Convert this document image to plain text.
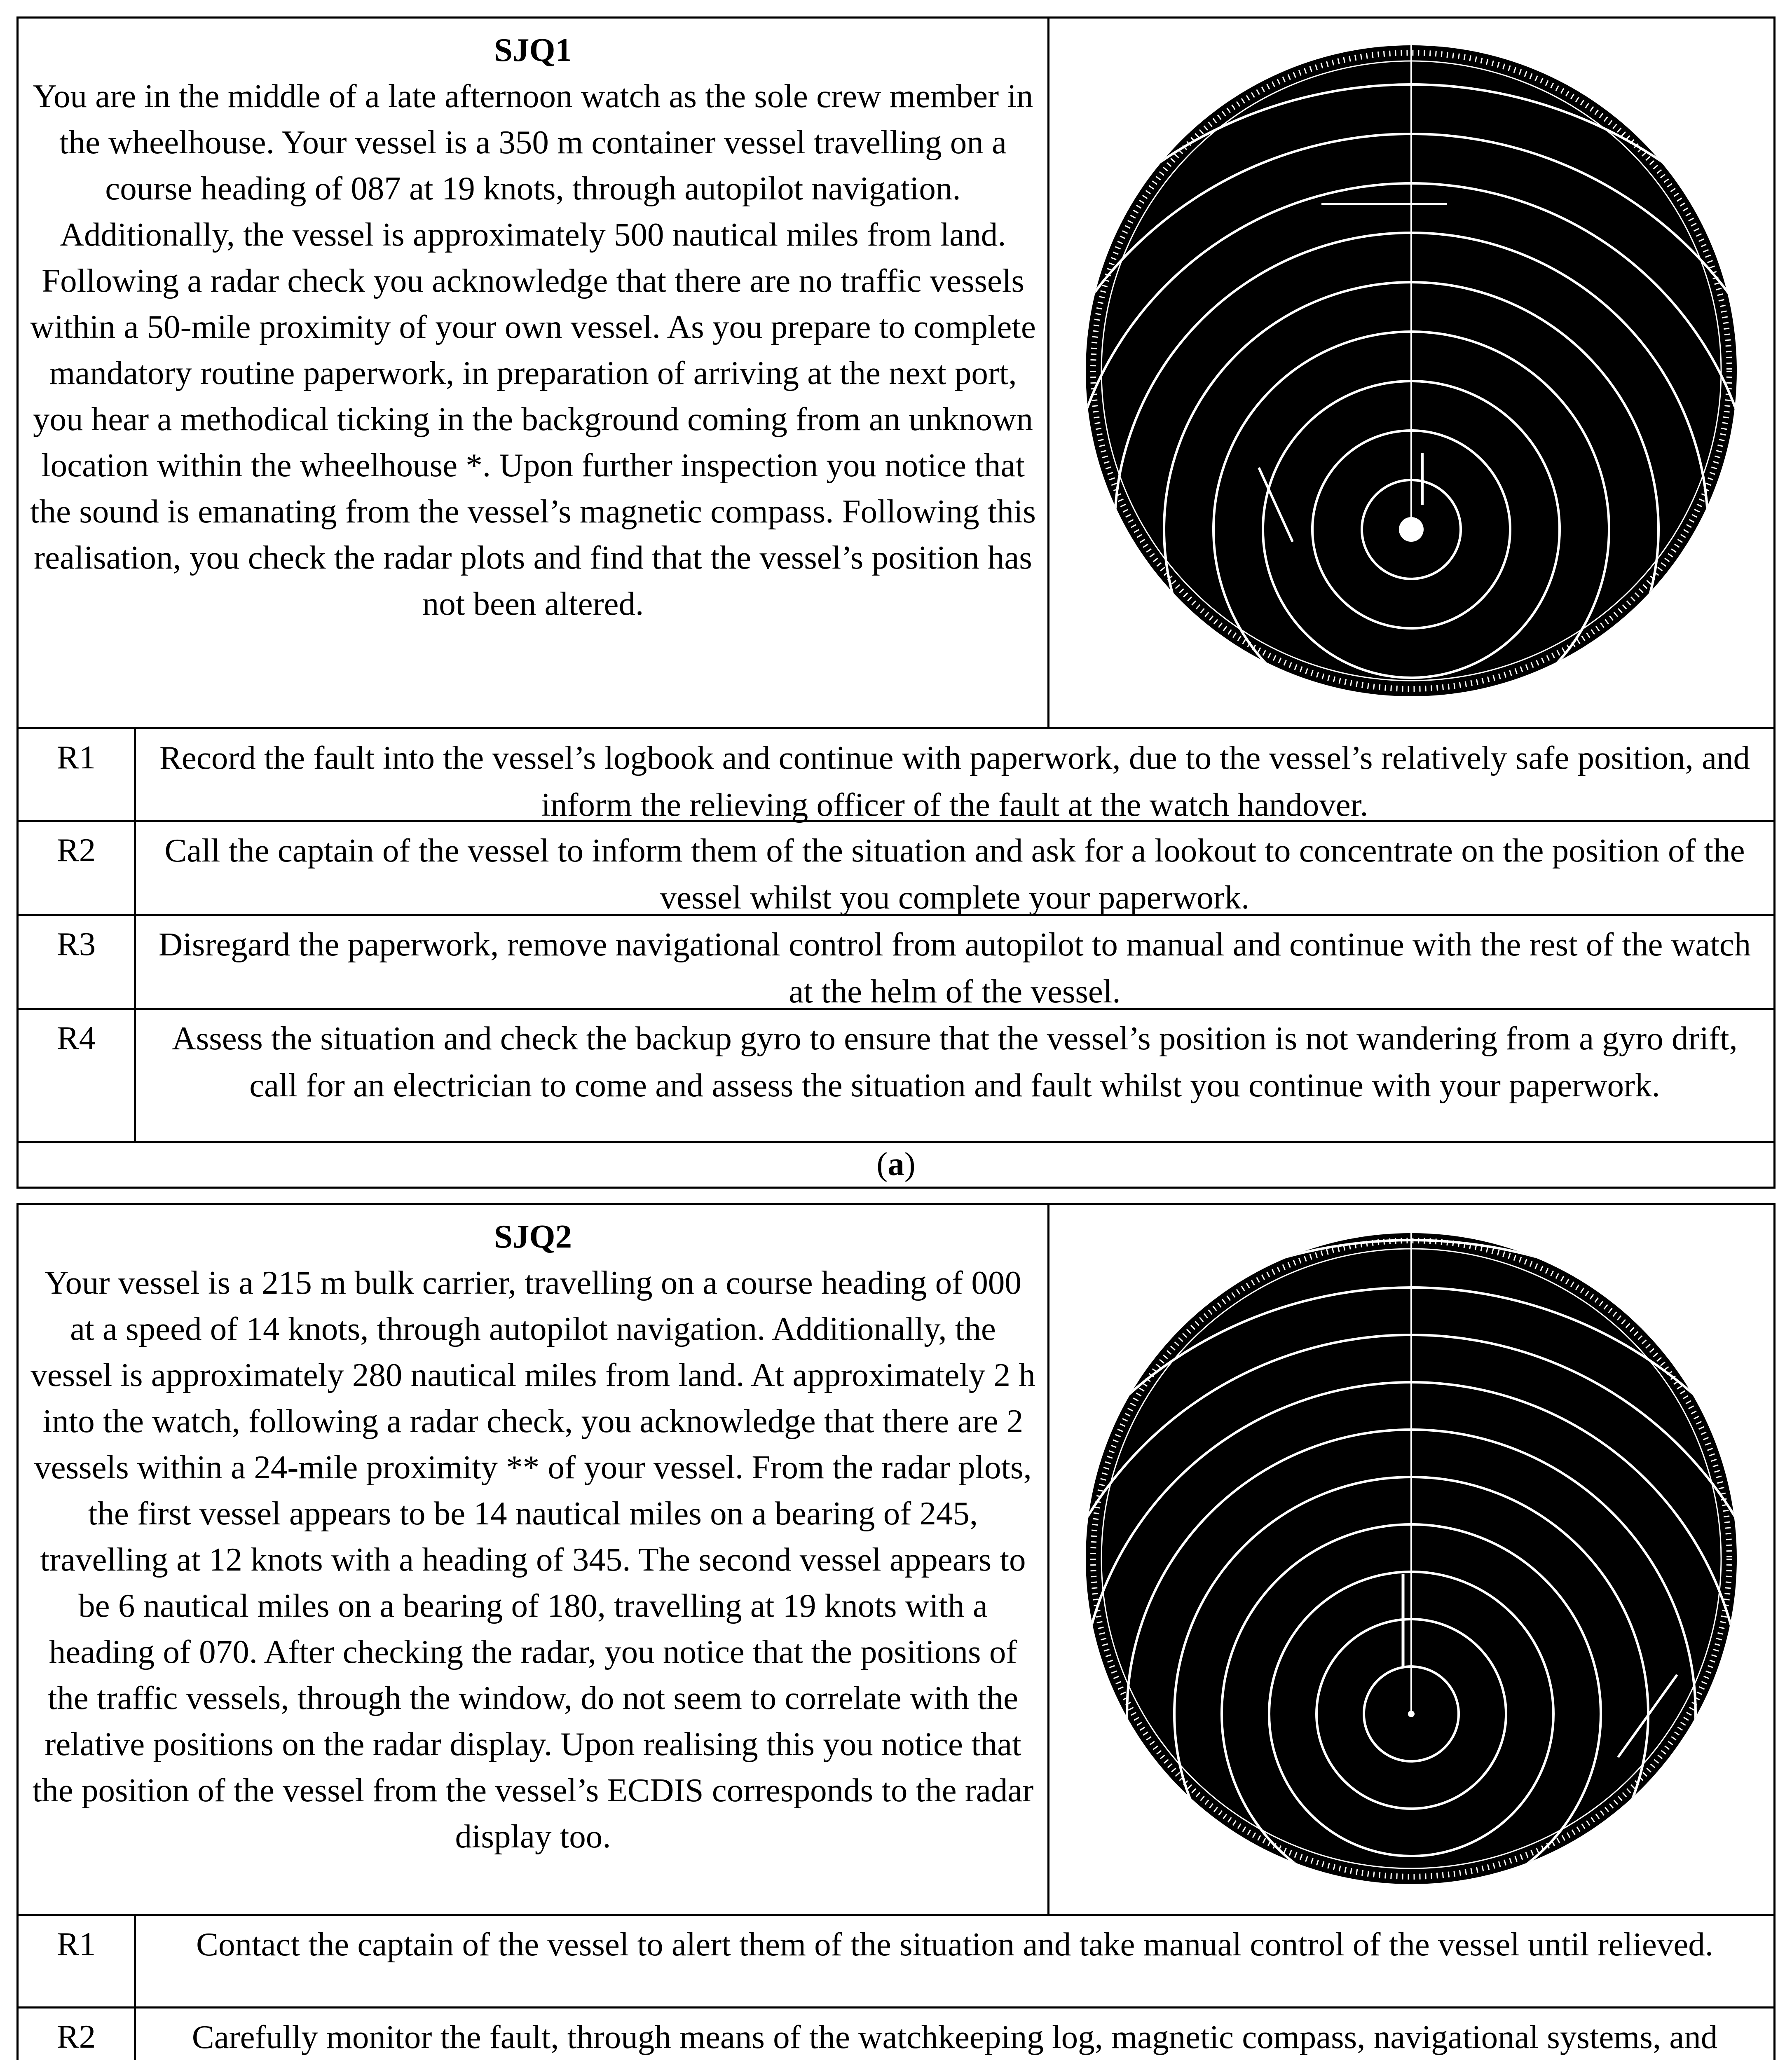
SJQ1
You are in the middle of a late afternoon watch as the sole crew member in the wheelhouse. Your vessel is a 350 m container vessel travelling on a course heading of 087 at 19 knots, through autopilot navigation. Additionally, the vessel is approximately 500 nautical miles from land. Following a radar check you acknowledge that there are no traffic vessels within a 50-mile proximity of your own vessel. As you prepare to complete mandatory routine paperwork, in preparation of arriving at the next port, you hear a methodical ticking in the background coming from an unknown location within the wheelhouse *. Upon further inspection you notice that the sound is emanating from the vessel’s magnetic compass. Following this realisation, you check the radar plots and find that the vessel’s position has not been altered.
R1	Record the fault into the vessel’s logbook and continue with paperwork, due to the vessel’s relatively safe position, and inform the relieving officer of the fault at the watch handover.
R2	Call the captain of the vessel to inform them of the situation and ask for a lookout to concentrate on the position of the vessel whilst you complete your paperwork.
R3	Disregard the paperwork, remove navigational control from autopilot to manual and continue with the rest of the watch at the helm of the vessel.
R4	Assess the situation and check the backup gyro to ensure that the vessel’s position is not wandering from a gyro drift, call for an electrician to come and assess the situation and fault whilst you continue with your paperwork.
(a)
SJQ2
Your vessel is a 215 m bulk carrier, travelling on a course heading of 000 at a speed of 14 knots, through autopilot navigation. Additionally, the vessel is approximately 280 nautical miles from land. At approximately 2 h into the watch, following a radar check, you acknowledge that there are 2 vessels within a 24-mile proximity ** of your vessel. From the radar plots, the first vessel appears to be 14 nautical miles on a bearing of 245, travelling at 12 knots with a heading of 345. The second vessel appears to be 6 nautical miles on a bearing of 180, travelling at 19 knots with a heading of 070. After checking the radar, you notice that the positions of the traffic vessels, through the window, do not seem to correlate with the relative positions on the radar display. Upon realising this you notice that the position of the vessel from the vessel’s ECDIS corresponds to the radar display too.
R1	Contact the captain of the vessel to alert them of the situation and take manual control of the vessel until relieved.
R2	Carefully monitor the fault, through means of the watchkeeping log, magnetic compass, navigational systems, and
